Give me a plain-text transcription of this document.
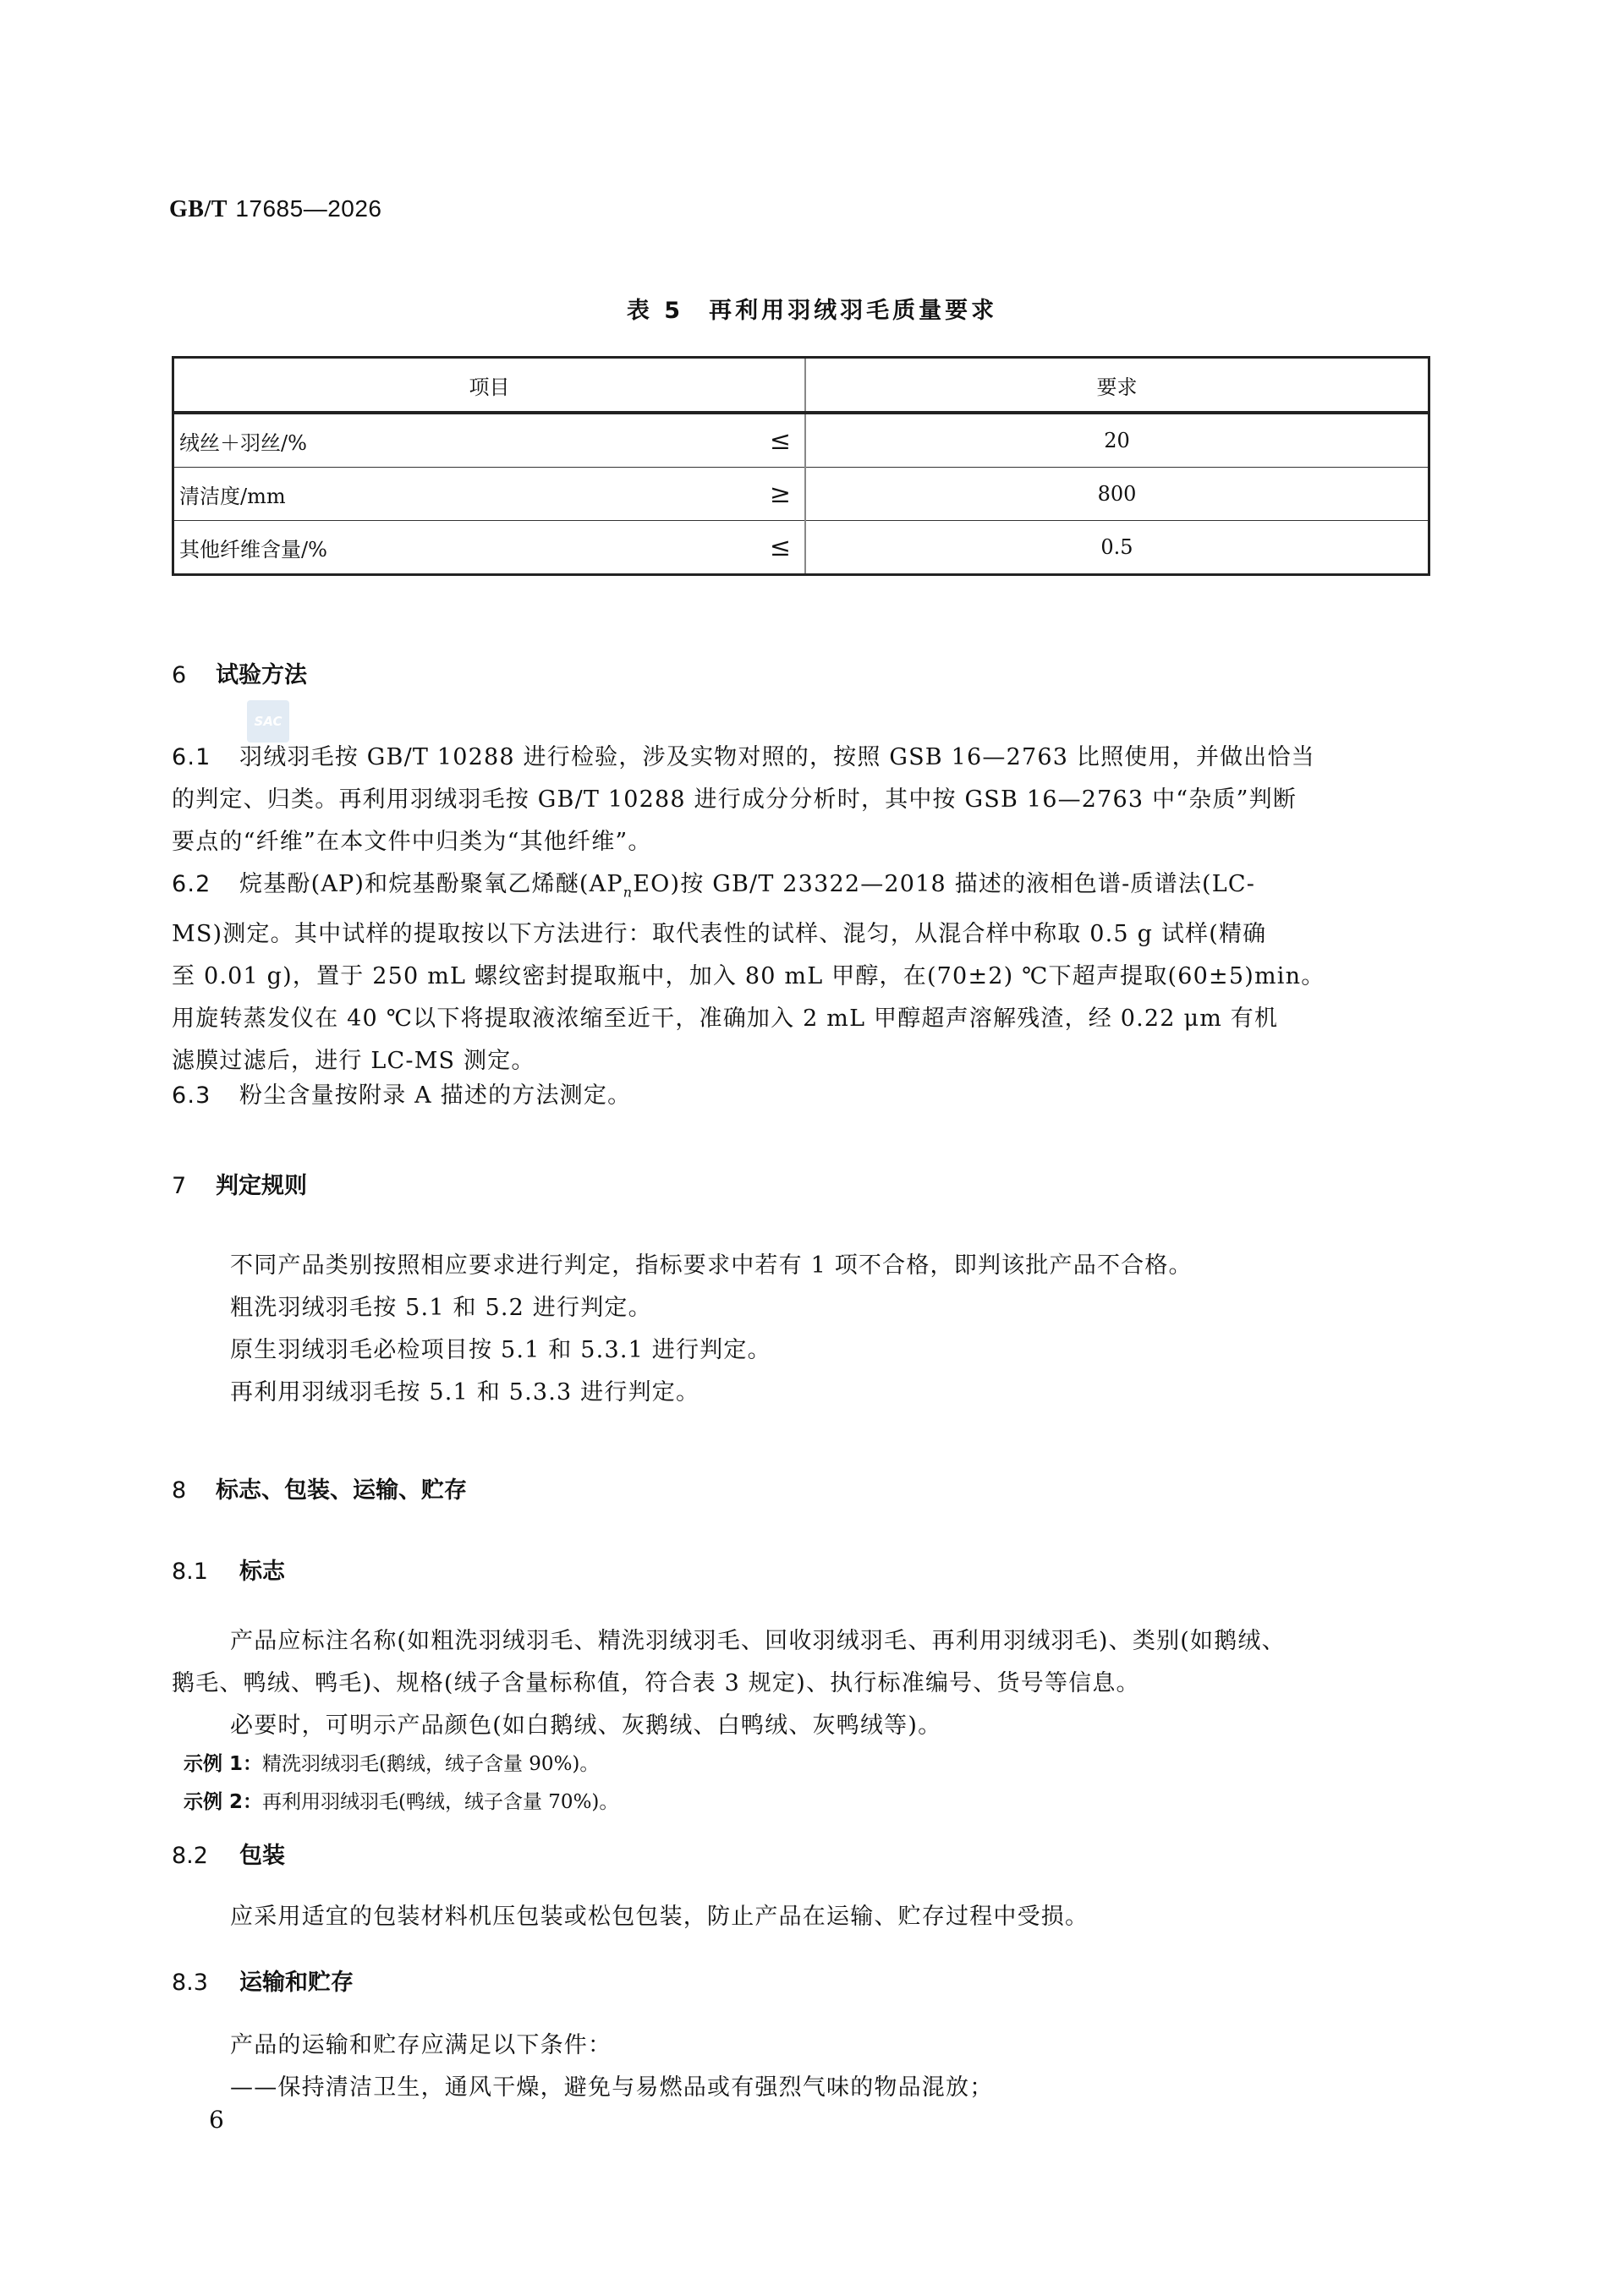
GB/T 17685—2026
表 5 再利用羽绒羽毛质量要求
项目	要求
绒丝＋羽丝/% ≤	20
清洁度/mm ≥	800
其他纤维含量/% ≤	0.5
6 试验方法
SAC
6.1 羽绒羽毛按 GB/T 10288 进行检验，涉及实物对照的，按照 GSB 16—2763 比照使用，并做出恰当
的判定、归类。再利用羽绒羽毛按 GB/T 10288 进行成分分析时，其中按 GSB 16—2763 中“杂质”判断
要点的“纤维”在本文件中归类为“其他纤维”。
6.2 烷基酚(AP)和烷基酚聚氧乙烯醚$(AP_nEO)$按 GB/T 23322—2018 描述的液相色谱-质谱法(LC-
MS)测定。其中试样的提取按以下方法进行：取代表性的试样、混匀，从混合样中称取 0.5 g 试样(精确
至 0.01 g)，置于 250 mL 螺纹密封提取瓶中，加入 80 mL 甲醇，在(70±2) ℃下超声提取(60±5)min。
用旋转蒸发仪在 40 ℃以下将提取液浓缩至近干，准确加入 2 mL 甲醇超声溶解残渣，经 0.22 μm 有机
滤膜过滤后，进行 LC-MS 测定。
6.3 粉尘含量按附录 A 描述的方法测定。
7 判定规则
不同产品类别按照相应要求进行判定，指标要求中若有 1 项不合格，即判该批产品不合格。
粗洗羽绒羽毛按 5.1 和 5.2 进行判定。
原生羽绒羽毛必检项目按 5.1 和 5.3.1 进行判定。
再利用羽绒羽毛按 5.1 和 5.3.3 进行判定。
8 标志、包装、运输、贮存
8.1 标志
产品应标注名称(如粗洗羽绒羽毛、精洗羽绒羽毛、回收羽绒羽毛、再利用羽绒羽毛)、类别(如鹅绒、
鹅毛、鸭绒、鸭毛)、规格(绒子含量标称值，符合表 3 规定)、执行标准编号、货号等信息。
必要时，可明示产品颜色(如白鹅绒、灰鹅绒、白鸭绒、灰鸭绒等)。
示例 1：精洗羽绒羽毛(鹅绒，绒子含量 90%)。
示例 2：再利用羽绒羽毛(鸭绒，绒子含量 70%)。
8.2 包装
应采用适宜的包装材料机压包装或松包包装，防止产品在运输、贮存过程中受损。
8.3 运输和贮存
产品的运输和贮存应满足以下条件：
——保持清洁卫生，通风干燥，避免与易燃品或有强烈气味的物品混放；
6
